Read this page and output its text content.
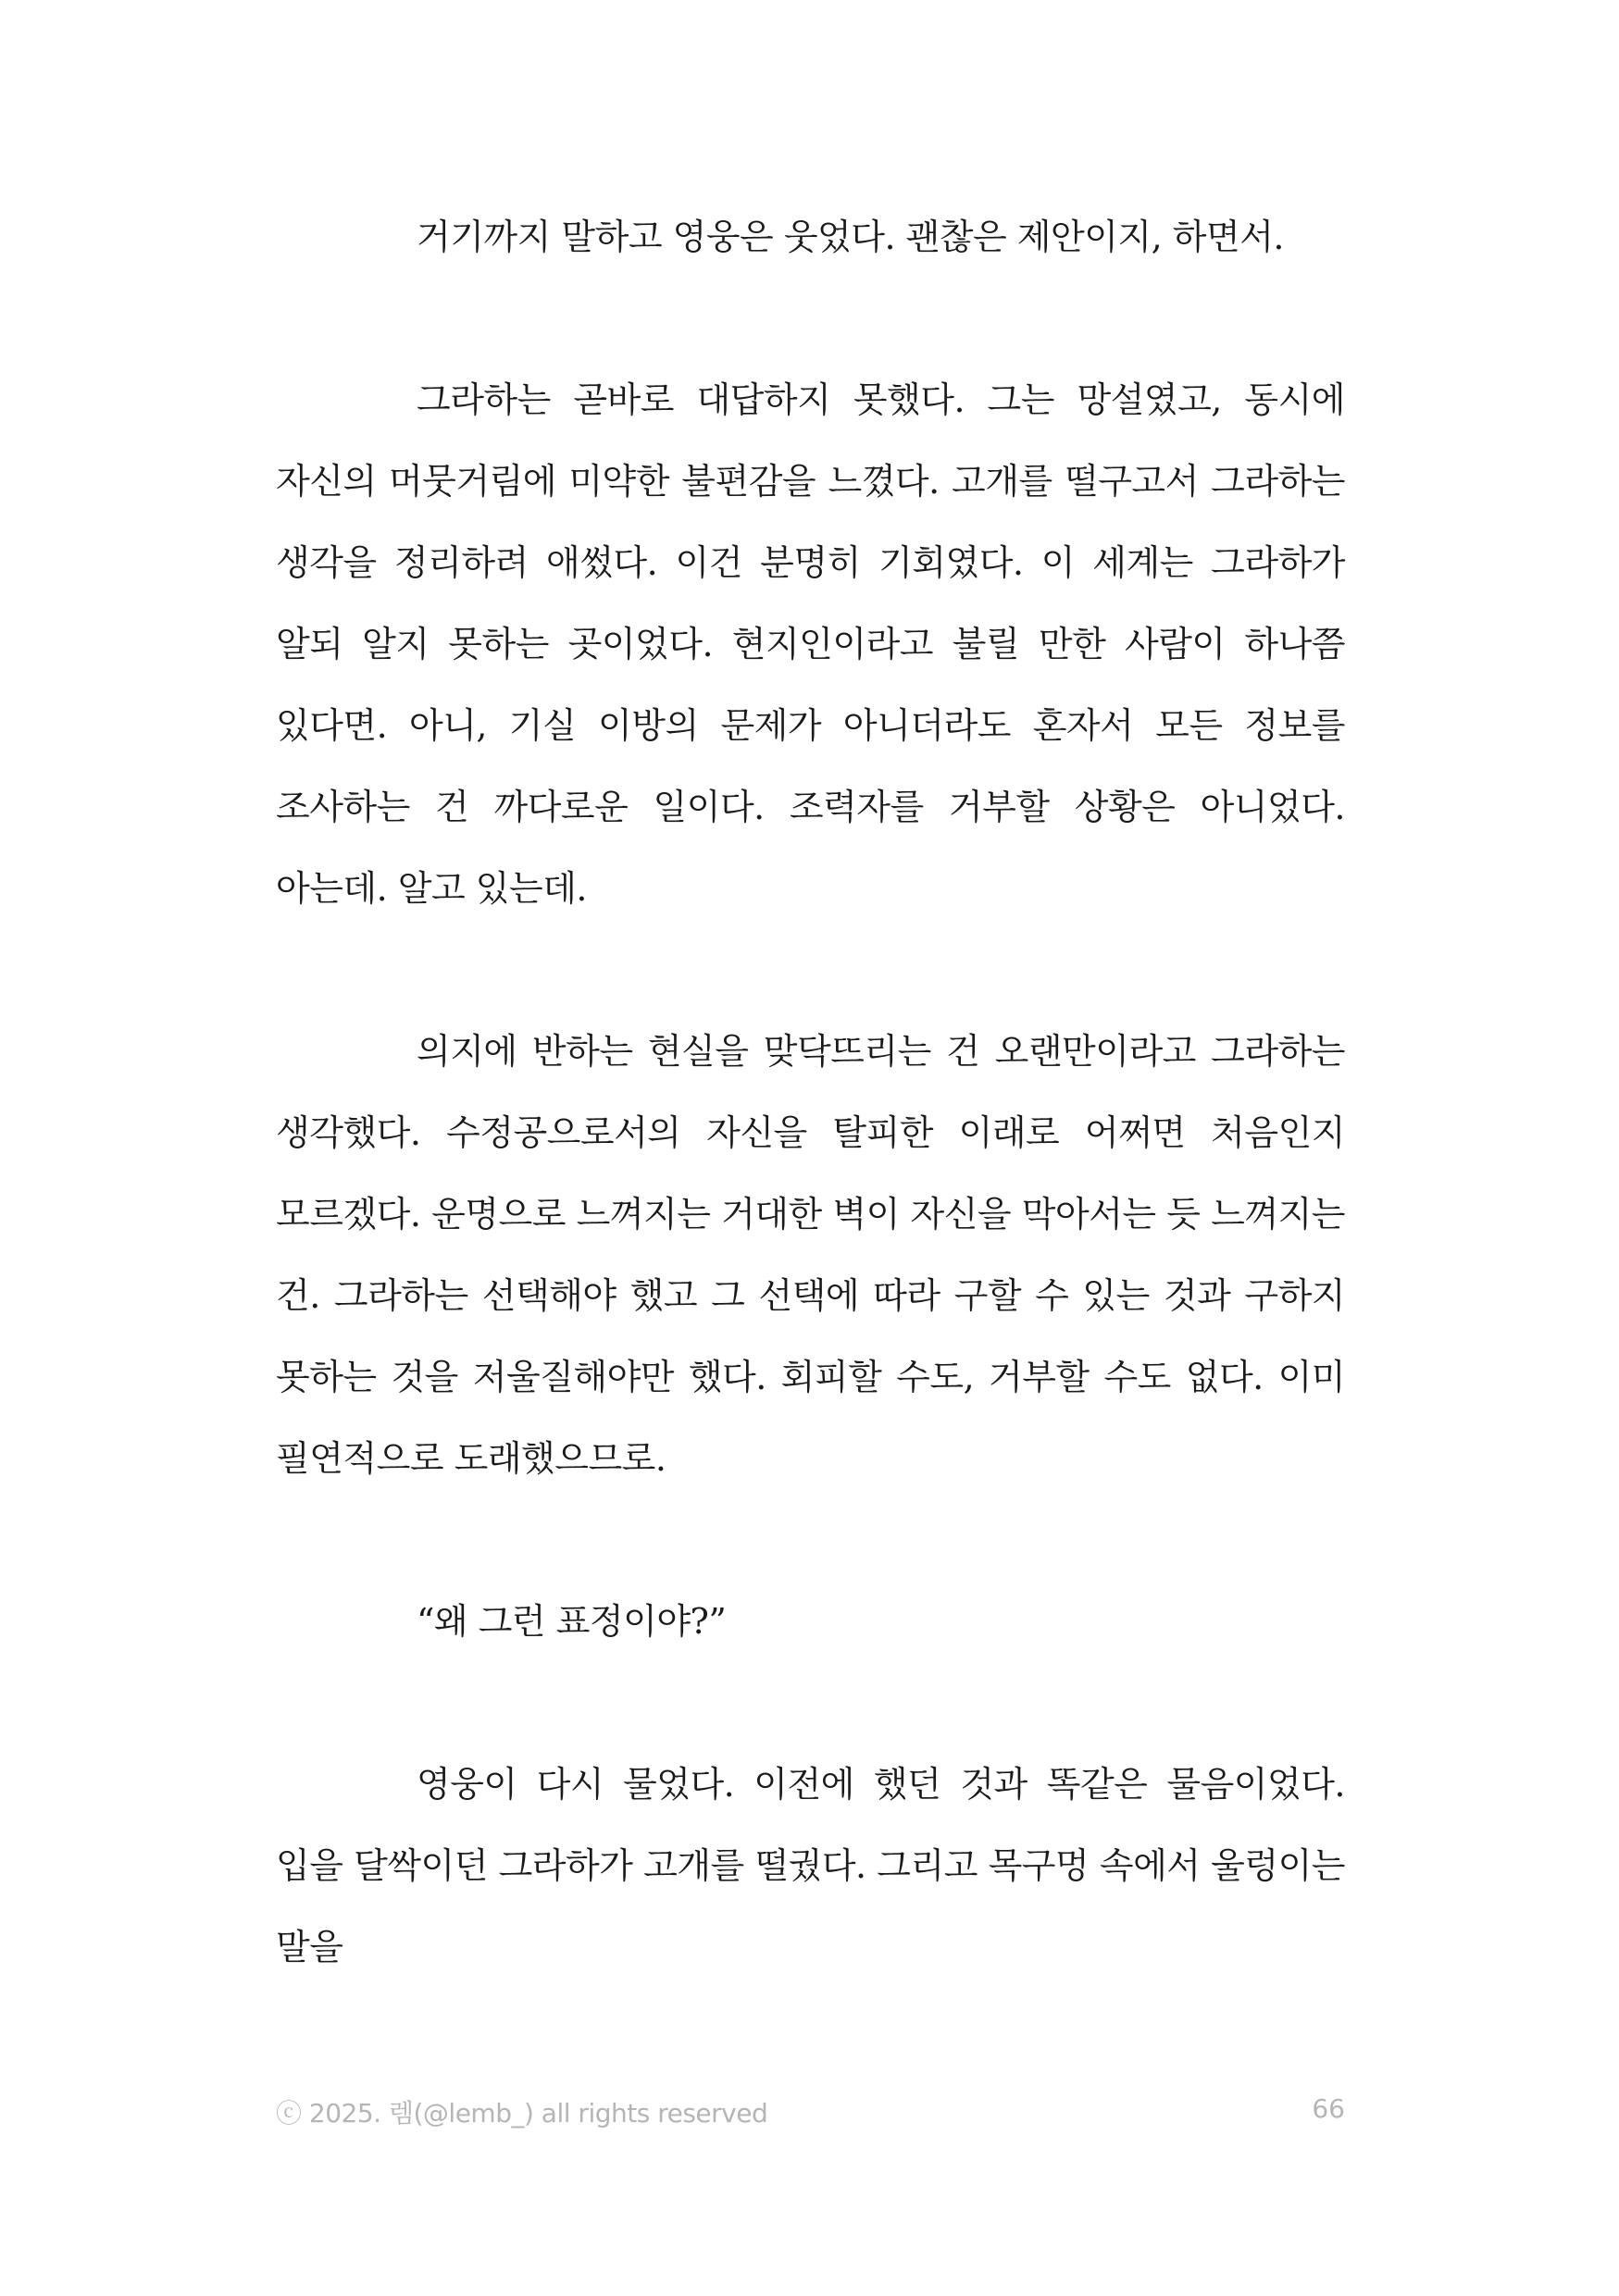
거기까지 말하고 영웅은 웃었다. 괜찮은 제안이지, 하면서.

그라하는 곧바로 대답하지 못했다. 그는 망설였고, 동시에 자신의 머뭇거림에 미약한 불편감을 느꼈다. 고개를 떨구고서 그라하는 생각을 정리하려 애썼다. 이건 분명히 기회였다. 이 세계는 그라하가 알되 알지 못하는 곳이었다. 현지인이라고 불릴 만한 사람이 하나쯤 있다면. 아니, 기실 이방의 문제가 아니더라도 혼자서 모든 정보를 조사하는 건 까다로운 일이다. 조력자를 거부할 상황은 아니었다. 아는데. 알고 있는데.

의지에 반하는 현실을 맞닥뜨리는 건 오랜만이라고 그라하는 생각했다. 수정공으로서의 자신을 탈피한 이래로 어쩌면 처음인지 모르겠다. 운명으로 느껴지는 거대한 벽이 자신을 막아서는 듯 느껴지는 건. 그라하는 선택해야 했고 그 선택에 따라 구할 수 있는 것과 구하지 못하는 것을 저울질해야만 했다. 회피할 수도, 거부할 수도 없다. 이미 필연적으로 도래했으므로.

“왜 그런 표정이야?”

영웅이 다시 물었다. 이전에 했던 것과 똑같은 물음이었다. 입을 달싹이던 그라하가 고개를 떨궜다. 그리고 목구멍 속에서 울렁이는 말을

ⓒ 2025. 렘(@lemb_) all rights reserved	66
